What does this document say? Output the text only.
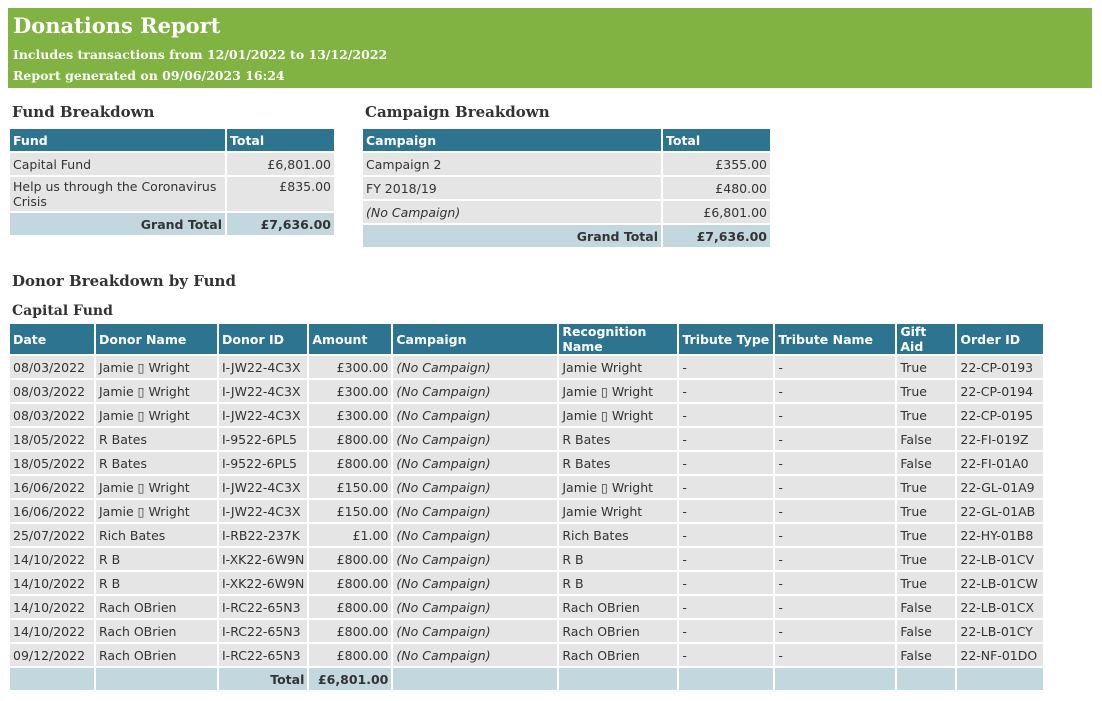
Donations Report
Includes transactions from 12/01/2022 to 13/12/2022
Report generated on 09/06/2023 16:24
Fund Breakdown
Fund	Total
Capital Fund	£6,801.00
Help us through the Coronavirus Crisis	£835.00
Grand Total	£7,636.00
Campaign Breakdown
Campaign	Total
Campaign 2	£355.00
FY 2018/19	£480.00
(No Campaign)	£6,801.00
Grand Total	£7,636.00
Donor Breakdown by Fund
Capital Fund
Date	Donor Name	Donor ID	Amount	Campaign	Recognition Name	Tribute Type	Tribute Name	Gift Aid	Order ID
08/03/2022	Jamie ▯ Wright	I-JW22-4C3X	£300.00	(No Campaign)	Jamie Wright	-	-	True	22-CP-0193
08/03/2022	Jamie ▯ Wright	I-JW22-4C3X	£300.00	(No Campaign)	Jamie ▯ Wright	-	-	True	22-CP-0194
08/03/2022	Jamie ▯ Wright	I-JW22-4C3X	£300.00	(No Campaign)	Jamie ▯ Wright	-	-	True	22-CP-0195
18/05/2022	R Bates	I-9522-6PL5	£800.00	(No Campaign)	R Bates	-	-	False	22-FI-019Z
18/05/2022	R Bates	I-9522-6PL5	£800.00	(No Campaign)	R Bates	-	-	False	22-FI-01A0
16/06/2022	Jamie ▯ Wright	I-JW22-4C3X	£150.00	(No Campaign)	Jamie ▯ Wright	-	-	True	22-GL-01A9
16/06/2022	Jamie ▯ Wright	I-JW22-4C3X	£150.00	(No Campaign)	Jamie Wright	-	-	True	22-GL-01AB
25/07/2022	Rich Bates	I-RB22-237K	£1.00	(No Campaign)	Rich Bates	-	-	True	22-HY-01B8
14/10/2022	R B	I-XK22-6W9N	£800.00	(No Campaign)	R B	-	-	True	22-LB-01CV
14/10/2022	R B	I-XK22-6W9N	£800.00	(No Campaign)	R B	-	-	True	22-LB-01CW
14/10/2022	Rach OBrien	I-RC22-65N3	£800.00	(No Campaign)	Rach OBrien	-	-	False	22-LB-01CX
14/10/2022	Rach OBrien	I-RC22-65N3	£800.00	(No Campaign)	Rach OBrien	-	-	False	22-LB-01CY
09/12/2022	Rach OBrien	I-RC22-65N3	£800.00	(No Campaign)	Rach OBrien	-	-	False	22-NF-01DO
		Total	£6,801.00						
